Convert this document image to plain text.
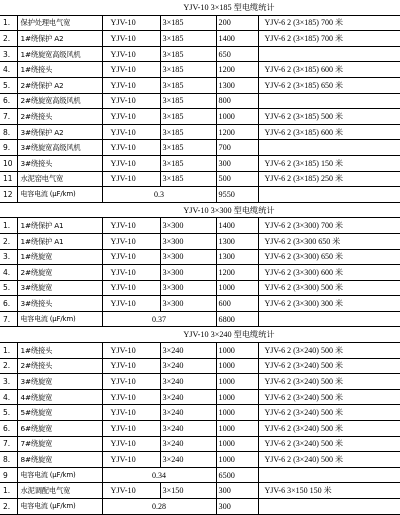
YJV-10 3×185 型电缆统计					
1.	保护处理电气宽	YJV-10	3×185	200	YJV-6 2 (3×185) 700 米
2.	1#绕保护 A2	YJV-10	3×185	1400	YJV-6 2 (3×185) 700 米
3.	1#绕旋宽高级风机	YJV-10	3×185	650	
4.	1#绕接头	YJV-10	3×185	1200	YJV-6 2 (3×185) 600 米
5.	2#绕保护 A2	YJV-10	3×185	1300	YJV-6 2 (3×185) 650 米
6.	2#绕旋宽高级风机	YJV-10	3×185	800	
7.	2#绕接头	YJV-10	3×185	1000	YJV-6 2 (3×185) 500 米
8.	3#绕保护 A2	YJV-10	3×185	1200	YJV-6 2 (3×185) 600 米
9.	3#绕旋宽高级风机	YJV-10	3×185	700	
10	3#绕接头	YJV-10	3×185	300	YJV-6 2 (3×185) 150 米
11	水泥窑电气宽	YJV-10	3×185	500	YJV-6 2 (3×185) 250 米
12	电容电流 (μF/km)	0.3		9550	
YJV-10 3×300 型电缆统计					
1.	1#绕保护 A1	YJV-10	3×300	1400	YJV-6 2 (3×300) 700 米
2.	1#绕保护 A1	YJV-10	3×300	1300	YJV-6 2 (3×300 650 米
3.	1#绕旋宽	YJV-10	3×300	1300	YJV-6 2 (3×300) 650 米
4.	2#绕旋宽	YJV-10	3×300	1200	YJV-6 2 (3×300) 600 米
5.	3#绕旋宽	YJV-10	3×300	1000	YJV-6 2 (3×300) 500 米
6.	3#绕接头	YJV-10	3×300	600	YJV-6 2 (3×300) 300 米
7.	电容电流 (μF/km)	0.37		6800	
YJV-10 3×240 型电缆统计					
1.	1#绕接头	YJV-10	3×240	1000	YJV-6 2 (3×240) 500 米
2.	2#绕接头	YJV-10	3×240	1000	YJV-6 2 (3×240) 500 米
3.	3#绕旋宽	YJV-10	3×240	1000	YJV-6 2 (3×240) 500 米
4.	4#绕旋宽	YJV-10	3×240	1000	YJV-6 2 (3×240) 500 米
5.	5#绕旋宽	YJV-10	3×240	1000	YJV-6 2 (3×240) 500 米
6.	6#绕旋宽	YJV-10	3×240	1000	YJV-6 2 (3×240) 500 米
7.	7#绕旋宽	YJV-10	3×240	1000	YJV-6 2 (3×240) 500 米
8.	8#绕旋宽	YJV-10	3×240	1000	YJV-6 2 (3×240) 500 米
9	电容电流 (μF/km)	0.34		6500	
1.	水泥调配电气宽	YJV-10	3×150	300	YJV-6 3×150 150 米
2.	电容电流 (μF/km)	0.28		300	
